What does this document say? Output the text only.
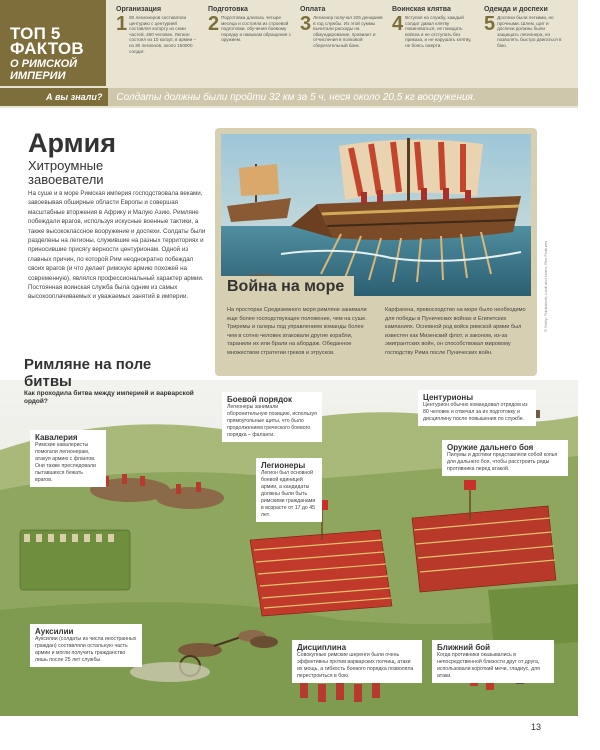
ТОП 5
ФАКТОВ
О РИМСКОЙ ИМПЕРИИ
Организация
1 80 легионеров составляли центурию с центурией составлял когорту из семи частей, 480 человек. Легион состоял из 10 когорт, в армии – из 30 легионов, около 150000 солдат.
Подготовка
2 Подготовка длилась четыре месяца и состояла из строевой подготовки, обучения боевому порядку и навыкам обращения с оружием.
Оплата
3 Легионер получал 225 денариев в год службы. Из этой суммы вычитали расходы на обмундирование, провиант и отчисления в полковой сберегательный банк.
Воинская клятва
4 Вступая на службу, каждый солдат давал клятву повиноваться, не покидать войска и не отступать без приказа, и не нарушать клятву, не боясь смерти.
Одежда и доспехи
5 Доспехи были легкими, но прочными. Шлем, щит и доспехи должны были защищать легионера, но позволять быстро двигаться в бою.
А вы знали?	Солдаты должны были пройти 32 км за 5 ч, неся около 20,5 кг вооружения.
Армия
Хитроумные завоеватели
На суше и в море Римская империя господствовала веками, завоевывая обширные области Европы и совершая масштабные вторжения в Африку и Малую Азию. Римляне побеждали врагов, используя искусные военные тактики, а также высококлассное вооружение и доспехи. Солдаты были разделены на легионы, служившие на разных территориях и приносившие присягу верности центурионам. Одной из главных причин, по которой Рим неоднократно побеждал своих врагов (и что делает римскую армию похожей на современную), являлся профессиональный характер армии. Постоянная воинская служба была одним из самых высокооплачиваемых и уважаемых занятий в империи.
Война на море
На просторах Средиземного моря римляне занимали еще более господствующее положение, чем на суше. Триремы и галеры под управлением команды более чем в сотню человек атаковали другие корабли, таранили их или брали на абордаж. Обеданное множеством стратегии греков и этрусков.
Карфагена, превосходство на море было необходимо для победы в Пунических войнах и Египетских кампаниях. Основной род войск римской армии был известен как Мизенский флот, и законом, из-за эмигрантских войн, он способствовал мировому господству Рима после Пунических войн.
© Getty; Thinkstock; Look and Learn; Rex Features
Римляне на поле битвы
Как проходила битва между империей и варварской ордой?
Кавалерия
Римские кавалеристы помогали легионерам, атакуя армию с флангов. Они также преследовали пытавшихся бежать врагов.
Боевой порядок
Легионеры занимали оборонительную позицию, используя прямоугольные щиты, что было продолжением греческого боевого порядка – фаланги.
Легионеры
Легион был основной боевой единицей армии, а кандидаты должны были быть римскими гражданами в возрасте от 17 до 45 лет.
Центурионы
Центурион обычно командовал отрядом из 80 человек и отвечал за их подготовку и дисциплину после повышения по службе.
Оружие дальнего боя
Пилумы и дротики представляли собой копья для дальнего боя, чтобы расстроить ряды противника перед атакой.
Ауксилии
Ауксилии (солдаты из числа иностранных граждан) составляли остальную часть армии и могли получить гражданство лишь после 25 лет службы.
Дисциплина
Совокупные римские шеренги были очень эффективны против варварских полчищ, атаки их мощь, а гибкость боевого порядка позволяла перестроиться в бою.
Ближний бой
Когда противники оказывались в непосредственной близости друг от друга, использовали короткий мечи, гладиус, для атаки.
13
